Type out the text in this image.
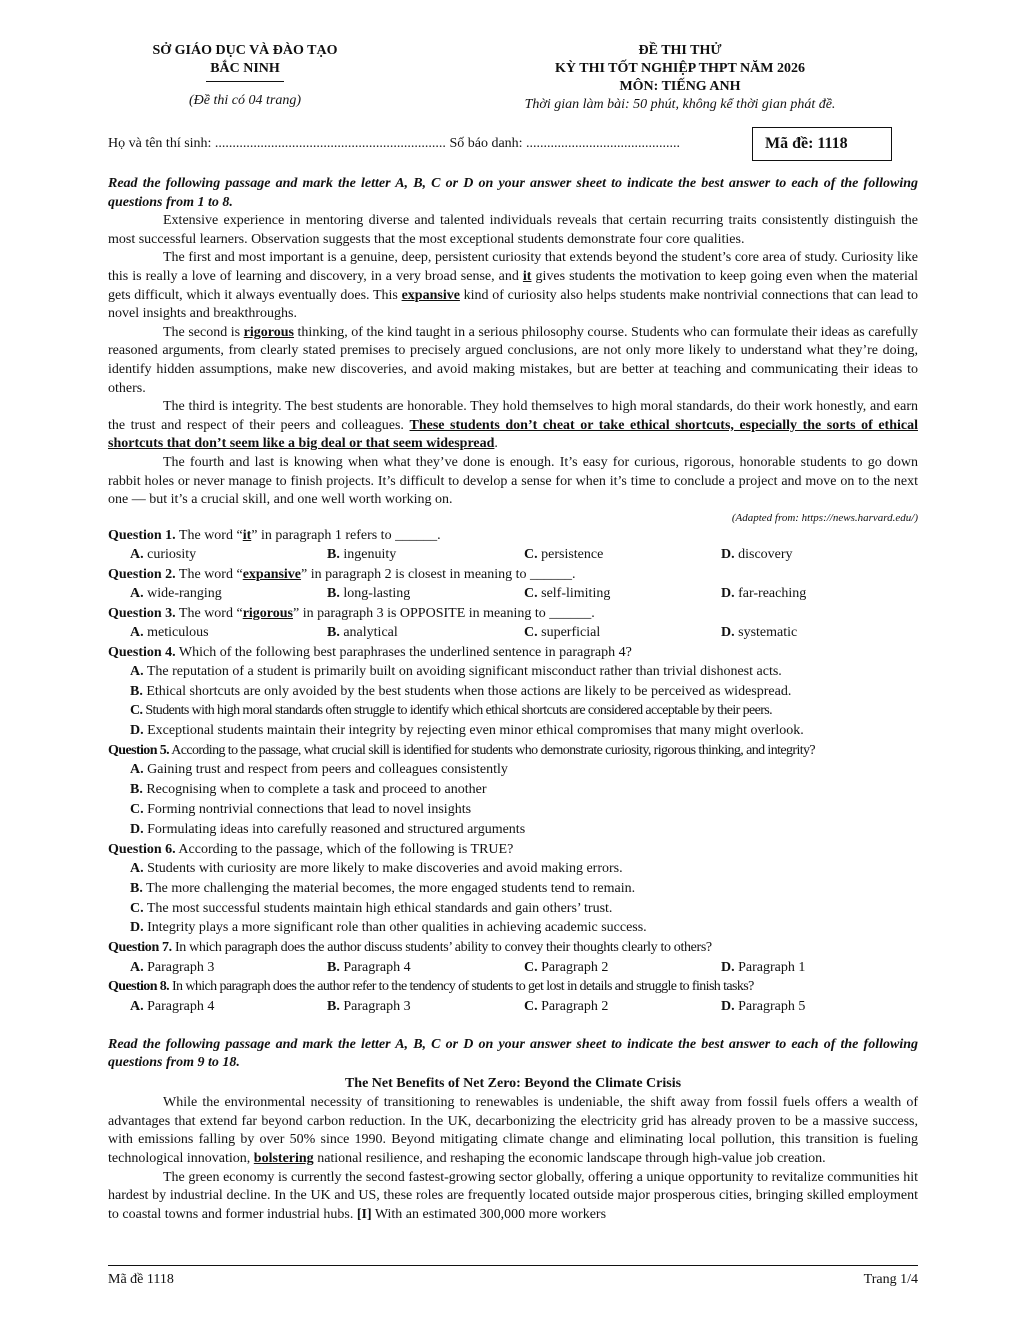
SỞ GIÁO DỤC VÀ ĐÀO TẠO
BẮC NINH
(Đề thi có 04 trang)
ĐỀ THI THỬ
KỲ THI TỐT NGHIỆP THPT NĂM 2026
MÔN: TIẾNG ANH
Thời gian làm bài: 50 phút, không kể thời gian phát đề.
Họ và tên thí sinh: .................................................................. Số báo danh: ............................................	Mã đề: 1118
Read the following passage and mark the letter A, B, C or D on your answer sheet to indicate the best answer to each of the following questions from 1 to 8.

Extensive experience in mentoring diverse and talented individuals reveals that certain recurring traits consistently distinguish the most successful learners. Observation suggests that the most exceptional students demonstrate four core qualities.

The first and most important is a genuine, deep, persistent curiosity that extends beyond the student’s core area of study. Curiosity like this is really a love of learning and discovery, in a very broad sense, and it gives students the motivation to keep going even when the material gets difficult, which it always eventually does. This expansive kind of curiosity also helps students make nontrivial connections that can lead to novel insights and breakthroughs.

The second is rigorous thinking, of the kind taught in a serious philosophy course. Students who can formulate their ideas as carefully reasoned arguments, from clearly stated premises to precisely argued conclusions, are not only more likely to understand what they’re doing, identify hidden assumptions, make new discoveries, and avoid making mistakes, but are better at teaching and communicating their ideas to others.

The third is integrity. The best students are honorable. They hold themselves to high moral standards, do their work honestly, and earn the trust and respect of their peers and colleagues. These students don’t cheat or take ethical shortcuts, especially the sorts of ethical shortcuts that don’t seem like a big deal or that seem widespread.

The fourth and last is knowing when what they’ve done is enough. It’s easy for curious, rigorous, honorable students to go down rabbit holes or never manage to finish projects. It’s difficult to develop a sense for when it’s time to conclude a project and move on to the next one — but it’s a crucial skill, and one well worth working on.

(Adapted from: https://news.harvard.edu/)
Question 1. The word “it” in paragraph 1 refers to ______.
A. curiosity	B. ingenuity	C. persistence	D. discovery
Question 2. The word “expansive” in paragraph 2 is closest in meaning to ______.
A. wide-ranging	B. long-lasting	C. self-limiting	D. far-reaching
Question 3. The word “rigorous” in paragraph 3 is OPPOSITE in meaning to ______.
A. meticulous	B. analytical	C. superficial	D. systematic
Question 4. Which of the following best paraphrases the underlined sentence in paragraph 4?
A. The reputation of a student is primarily built on avoiding significant misconduct rather than trivial dishonest acts.
B. Ethical shortcuts are only avoided by the best students when those actions are likely to be perceived as widespread.
C. Students with high moral standards often struggle to identify which ethical shortcuts are considered acceptable by their peers.
D. Exceptional students maintain their integrity by rejecting even minor ethical compromises that many might overlook.
Question 5. According to the passage, what crucial skill is identified for students who demonstrate curiosity, rigorous thinking, and integrity?
A. Gaining trust and respect from peers and colleagues consistently
B. Recognising when to complete a task and proceed to another
C. Forming nontrivial connections that lead to novel insights
D. Formulating ideas into carefully reasoned and structured arguments
Question 6. According to the passage, which of the following is TRUE?
A. Students with curiosity are more likely to make discoveries and avoid making errors.
B. The more challenging the material becomes, the more engaged students tend to remain.
C. The most successful students maintain high ethical standards and gain others’ trust.
D. Integrity plays a more significant role than other qualities in achieving academic success.
Question 7. In which paragraph does the author discuss students’ ability to convey their thoughts clearly to others?
A. Paragraph 3	B. Paragraph 4	C. Paragraph 2	D. Paragraph 1
Question 8. In which paragraph does the author refer to the tendency of students to get lost in details and struggle to finish tasks?
A. Paragraph 4	B. Paragraph 3	C. Paragraph 2	D. Paragraph 5
Read the following passage and mark the letter A, B, C or D on your answer sheet to indicate the best answer to each of the following questions from 9 to 18.
The Net Benefits of Net Zero: Beyond the Climate Crisis

While the environmental necessity of transitioning to renewables is undeniable, the shift away from fossil fuels offers a wealth of advantages that extend far beyond carbon reduction. In the UK, decarbonizing the electricity grid has already proven to be a massive success, with emissions falling by over 50% since 1990. Beyond mitigating climate change and eliminating local pollution, this transition is fueling technological innovation, bolstering national resilience, and reshaping the economic landscape through high-value job creation.

The green economy is currently the second fastest-growing sector globally, offering a unique opportunity to revitalize communities hit hardest by industrial decline. In the UK and US, these roles are frequently located outside major prosperous cities, bringing skilled employment to coastal towns and former industrial hubs. [I] With an estimated 300,000 more workers

Mã đề 1118	Trang 1/4
